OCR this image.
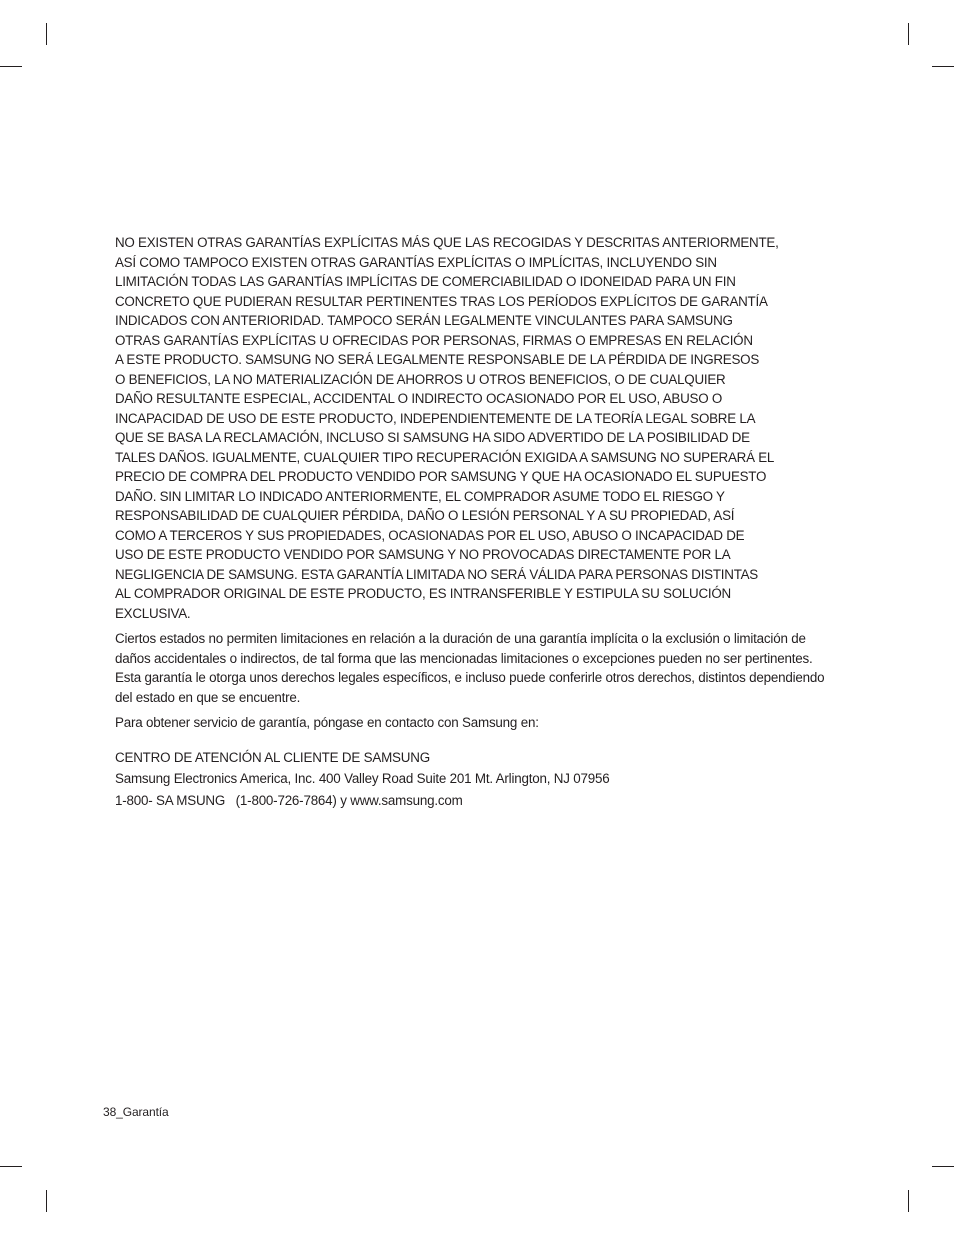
NO EXISTEN OTRAS GARANTÍAS EXPLÍCITAS MÁS QUE LAS RECOGIDAS Y DESCRITAS ANTERIORMENTE,
ASÍ COMO TAMPOCO EXISTEN OTRAS GARANTÍAS EXPLÍCITAS O IMPLÍCITAS, INCLUYENDO SIN
LIMITACIÓN TODAS LAS GARANTÍAS IMPLÍCITAS DE COMERCIABILIDAD O IDONEIDAD PARA UN FIN
CONCRETO QUE PUDIERAN RESULTAR PERTINENTES TRAS LOS PERÍODOS EXPLÍCITOS DE GARANTÍA
INDICADOS CON ANTERIORIDAD. TAMPOCO SERÁN LEGALMENTE VINCULANTES PARA SAMSUNG
OTRAS GARANTÍAS EXPLÍCITAS U OFRECIDAS POR PERSONAS, FIRMAS O EMPRESAS EN RELACIÓN
A ESTE PRODUCTO. SAMSUNG NO SERÁ LEGALMENTE RESPONSABLE DE LA PÉRDIDA DE INGRESOS
O BENEFICIOS, LA NO MATERIALIZACIÓN DE AHORROS U OTROS BENEFICIOS, O DE CUALQUIER
DAÑO RESULTANTE ESPECIAL, ACCIDENTAL O INDIRECTO OCASIONADO POR EL USO, ABUSO O
INCAPACIDAD DE USO DE ESTE PRODUCTO, INDEPENDIENTEMENTE DE LA TEORÍA LEGAL SOBRE LA
QUE SE BASA LA RECLAMACIÓN, INCLUSO SI SAMSUNG HA SIDO ADVERTIDO DE LA POSIBILIDAD DE
TALES DAÑOS. IGUALMENTE, CUALQUIER TIPO RECUPERACIÓN EXIGIDA A SAMSUNG NO SUPERARÁ EL
PRECIO DE COMPRA DEL PRODUCTO VENDIDO POR SAMSUNG Y QUE HA OCASIONADO EL SUPUESTO
DAÑO. SIN LIMITAR LO INDICADO ANTERIORMENTE, EL COMPRADOR ASUME TODO EL RIESGO Y
RESPONSABILIDAD DE CUALQUIER PÉRDIDA, DAÑO O LESIÓN PERSONAL Y A SU PROPIEDAD, ASÍ
COMO A TERCEROS Y SUS PROPIEDADES, OCASIONADAS POR EL USO, ABUSO O INCAPACIDAD DE
USO DE ESTE PRODUCTO VENDIDO POR SAMSUNG Y NO PROVOCADAS DIRECTAMENTE POR LA
NEGLIGENCIA DE SAMSUNG. ESTA GARANTÍA LIMITADA NO SERÁ VÁLIDA PARA PERSONAS DISTINTAS
AL COMPRADOR ORIGINAL DE ESTE PRODUCTO, ES INTRANSFERIBLE Y ESTIPULA SU SOLUCIÓN
EXCLUSIVA.

Ciertos estados no permiten limitaciones en relación a la duración de una garantía implícita o la exclusión o limitación de daños accidentales o indirectos, de tal forma que las mencionadas limitaciones o excepciones pueden no ser pertinentes. Esta garantía le otorga unos derechos legales específicos, e incluso puede conferirle otros derechos, distintos dependiendo del estado en que se encuentre.

Para obtener servicio de garantía, póngase en contacto con Samsung en:

CENTRO DE ATENCIÓN AL CLIENTE DE SAMSUNG
Samsung Electronics America, Inc. 400 Valley Road Suite 201 Mt. Arlington, NJ 07956
1-800- SA MSUNG   (1-800-726-7864) y www.samsung.com
38_Garantía
